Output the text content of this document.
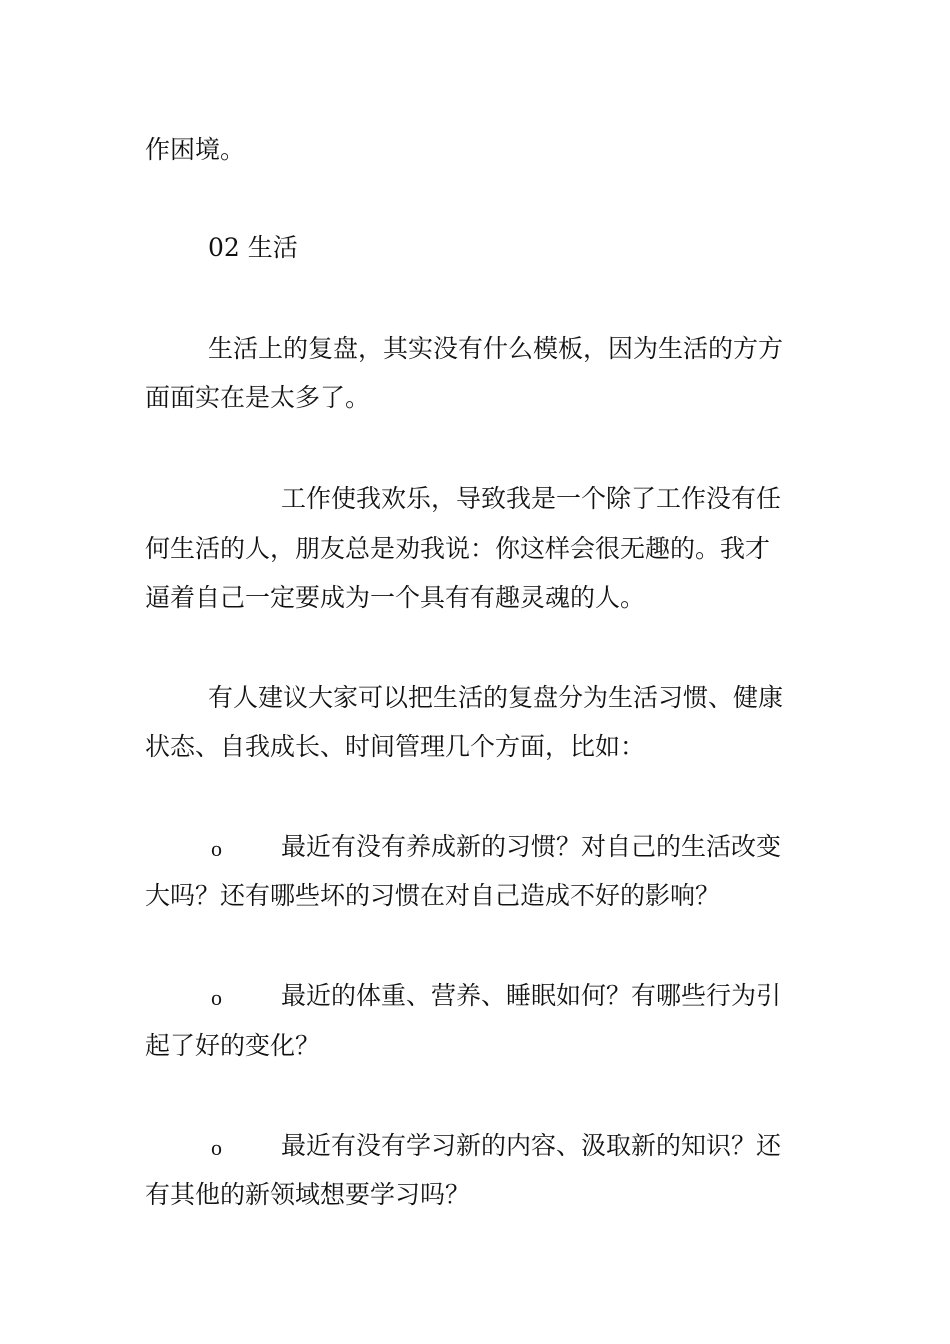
作困境。
02 生活
生活上的复盘，其实没有什么模板，因为生活的方方
面面实在是太多了。
工作使我欢乐，导致我是一个除了工作没有任
何生活的人，朋友总是劝我说：你这样会很无趣的。我才
逼着自己一定要成为一个具有有趣灵魂的人。
有人建议大家可以把生活的复盘分为生活习惯、健康
状态、自我成长、时间管理几个方面，比如：
o 最近有没有养成新的习惯？对自己的生活改变
大吗？还有哪些坏的习惯在对自己造成不好的影响？
o 最近的体重、营养、睡眠如何？有哪些行为引
起了好的变化？
o 最近有没有学习新的内容、汲取新的知识？还
有其他的新领域想要学习吗？
